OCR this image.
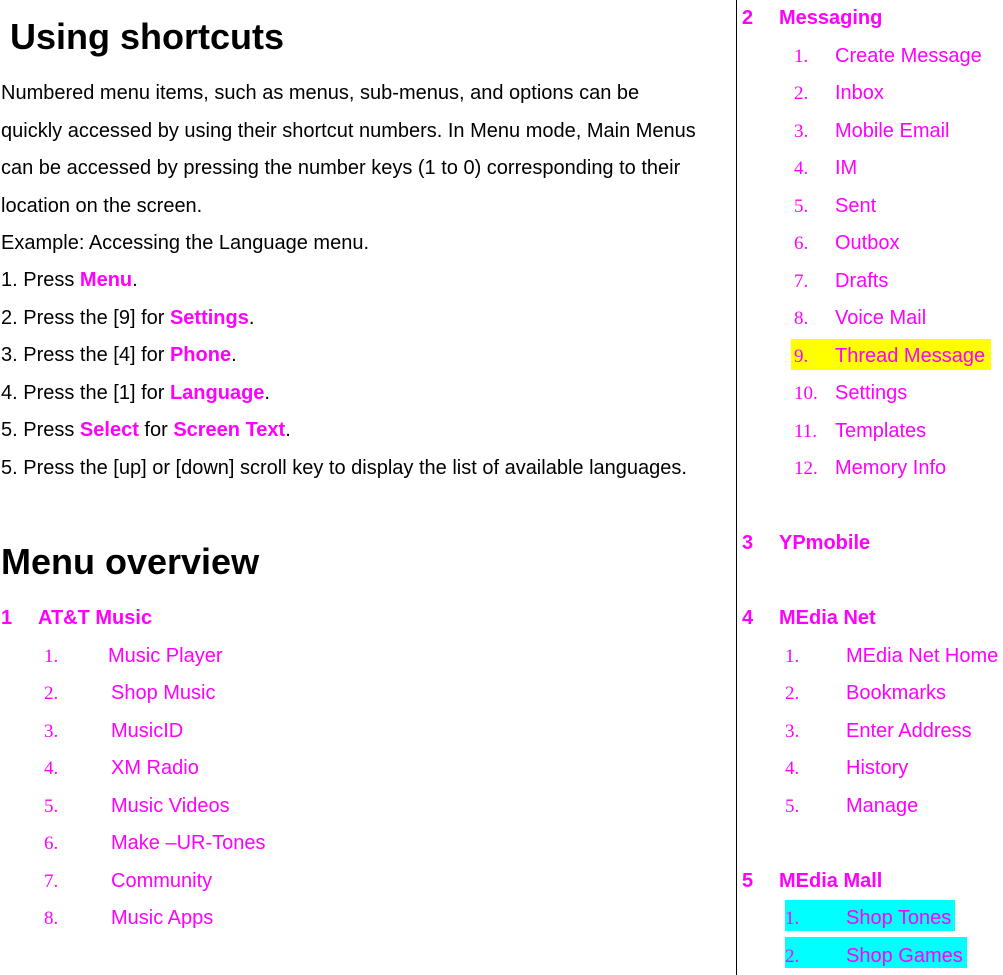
Using shortcuts
Numbered menu items, such as menus, sub-menus, and options can be
quickly accessed by using their shortcut numbers. In Menu mode, Main Menus
can be accessed by pressing the number keys (1 to 0) corresponding to their
location on the screen.
Example: Accessing the Language menu.
1. Press Menu.
2. Press the [9] for Settings.
3. Press the [4] for Phone.
4. Press the [1] for Language.
5. Press Select for Screen Text.
5. Press the [up] or [down] scroll key to display the list of available languages.
Menu overview
1 AT&T Music
1. Music Player
2.	Shop Music
3.	MusicID
4.	XM Radio
5.	Music Videos
6.	Make –UR-Tones
7.	Community
8.	Music Apps
2 Messaging
1. Create Message
2. Inbox
3. Mobile Email
4. IM
5. Sent
6. Outbox
7. Drafts
8. Voice Mail
9. Thread Message
10. Settings
11. Templates
12. Memory Info
3 YPmobile
4 MEdia Net
1. MEdia Net Home
2. Bookmarks
3. Enter Address
4. History
5. Manage
5 MEdia Mall
1. Shop Tones
2. Shop Games
